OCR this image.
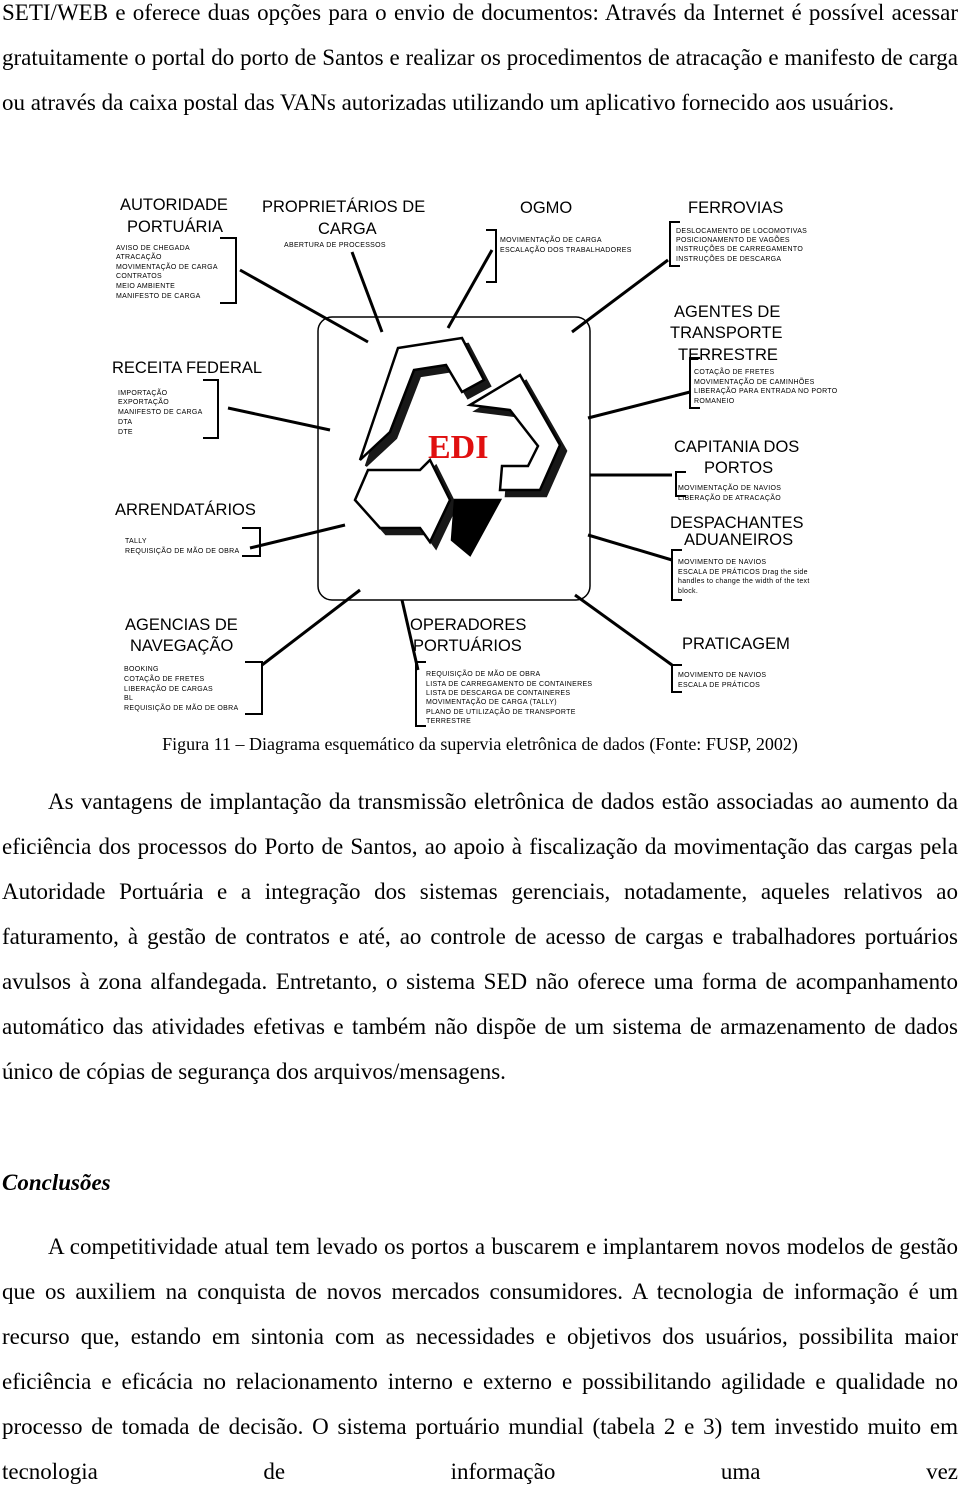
SETI/WEB e oferece duas opções para o envio de documentos: Através da Internet é possível acessar gratuitamente o portal do porto de Santos e realizar os procedimentos de atracação e manifesto de carga ou através da caixa postal das VANs autorizadas utilizando um aplicativo fornecido aos usuários.

EDI
AUTORIDADE
PORTUÁRIA
AVISO DE CHEGADA
ATRACAÇÃO
MOVIMENTAÇÃO DE CARGA
CONTRATOS
MEIO AMBIENTE
MANIFESTO DE CARGA
PROPRIETÁRIOS DE
CARGA
ABERTURA DE PROCESSOS
OGMO
MOVIMENTAÇÃO DE CARGA
ESCALAÇÃO DOS TRABALHADORES
FERROVIAS
DESLOCAMENTO DE LOCOMOTIVAS
POSICIONAMENTO DE VAGÕES
INSTRUÇÕES DE CARREGAMENTO
INSTRUÇÕES DE DESCARGA
AGENTES DE
TRANSPORTE
TERRESTRE
COTAÇÃO DE FRETES
MOVIMENTAÇÃO DE CAMINHÕES
LIBERAÇÃO PARA ENTRADA NO PORTO
ROMANEIO
RECEITA FEDERAL
IMPORTAÇÃO
EXPORTAÇÃO
MANIFESTO DE CARGA
DTA
DTE
CAPITANIA DOS
PORTOS
MOVIMENTAÇÃO DE NAVIOS
LIBERAÇÃO DE ATRACAÇÃO
ARRENDATÁRIOS
TALLY
REQUISIÇÃO DE MÃO DE OBRA
DESPACHANTES
ADUANEIROS
MOVIMENTO DE NAVIOS
ESCALA DE PRÁTICOS Drag the side
handles to change the width of the text
block.
AGENCIAS DE
NAVEGAÇÃO
BOOKING
COTAÇÃO DE FRETES
LIBERAÇÃO DE CARGAS
BL
REQUISIÇÃO DE MÃO DE OBRA
OPERADORES
PORTUÁRIOS
REQUISIÇÃO DE MÃO DE OBRA
LISTA DE CARREGAMENTO DE CONTAINERES
LISTA DE DESCARGA DE CONTAINERES
MOVIMENTAÇÃO DE CARGA (TALLY)
PLANO DE UTILIZAÇÃO DE TRANSPORTE
TERRESTRE
PRATICAGEM
MOVIMENTO DE NAVIOS
ESCALA DE PRÁTICOS
Figura 11 – Diagrama esquemático da supervia eletrônica de dados (Fonte: FUSP, 2002)

As vantagens de implantação da transmissão eletrônica de dados estão associadas ao aumento da eficiência dos processos do Porto de Santos, ao apoio à fiscalização da movimentação das cargas pela Autoridade Portuária e a integração dos sistemas gerenciais, notadamente, aqueles relativos ao faturamento, à gestão de contratos e até, ao controle de acesso de cargas e trabalhadores portuários avulsos à zona alfandegada. Entretanto, o sistema SED não oferece uma forma de acompanhamento automático das atividades efetivas e também não dispõe de um sistema de armazenamento de dados único de cópias de segurança dos arquivos/mensagens.

Conclusões

A competitividade atual tem levado os portos a buscarem e implantarem novos modelos de gestão que os auxiliem na conquista de novos mercados consumidores. A tecnologia de informação é um recurso que, estando em sintonia com as necessidades e objetivos dos usuários, possibilita maior eficiência e eficácia no relacionamento interno e externo e possibilitando agilidade e qualidade no processo de tomada de decisão. O sistema portuário mundial (tabela 2 e 3) tem investido muito em tecnologia de informação uma vez
